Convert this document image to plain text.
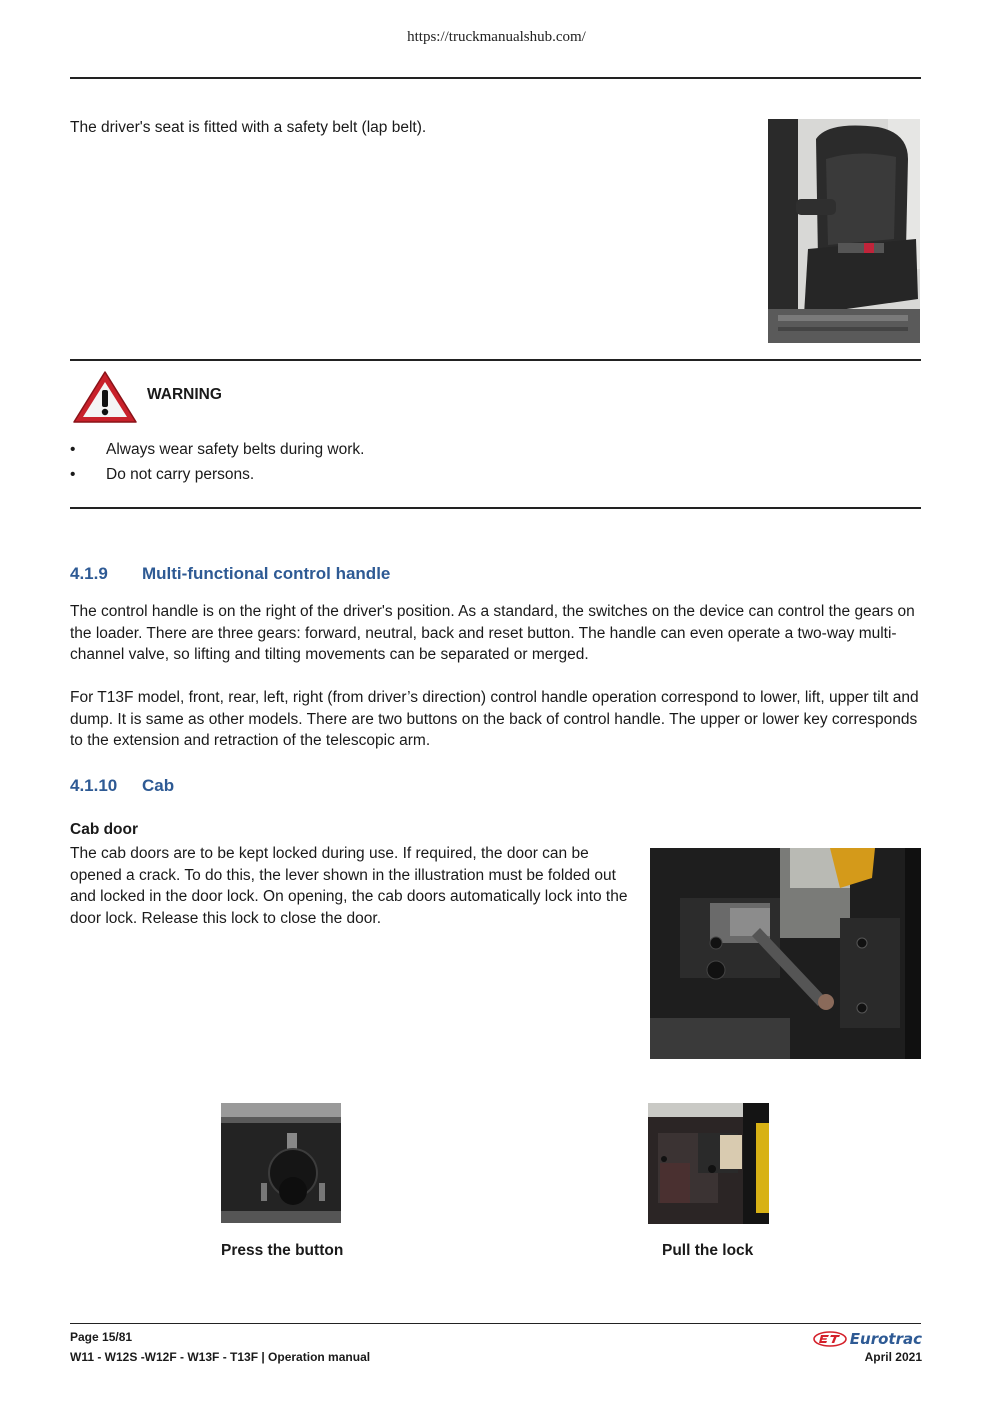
https://truckmanualshub.com/
The driver's seat is fitted with a safety belt (lap belt).
WARNING
•	Always wear safety belts during work.
•	Do not carry persons.
4.1.9 Multi-functional control handle
The control handle is on the right of the driver's position. As a standard, the switches on the device can control the gears on the loader. There are three gears: forward, neutral, back and reset button. The handle can even operate a two-way multi-channel valve, so lifting and tilting movements can be separated or merged.
For T13F model, front, rear, left, right (from driver’s direction) control handle operation correspond to lower, lift, upper tilt and dump. It is same as other models. There are two buttons on the back of control handle. The upper or lower key corresponds to the extension and retraction of the telescopic arm.
4.1.10 Cab
Cab door
The cab doors are to be kept locked during use. If required, the door can be opened a crack. To do this, the lever shown in the illustration must be folded out and locked in the door lock. On opening, the cab doors automatically lock into the door lock. Release this lock to close the door.
Press the button	Pull the lock
Page 15/81
W11 - W12S -W12F - W13F - T13F | Operation manual
Eurotrac
April 2021
